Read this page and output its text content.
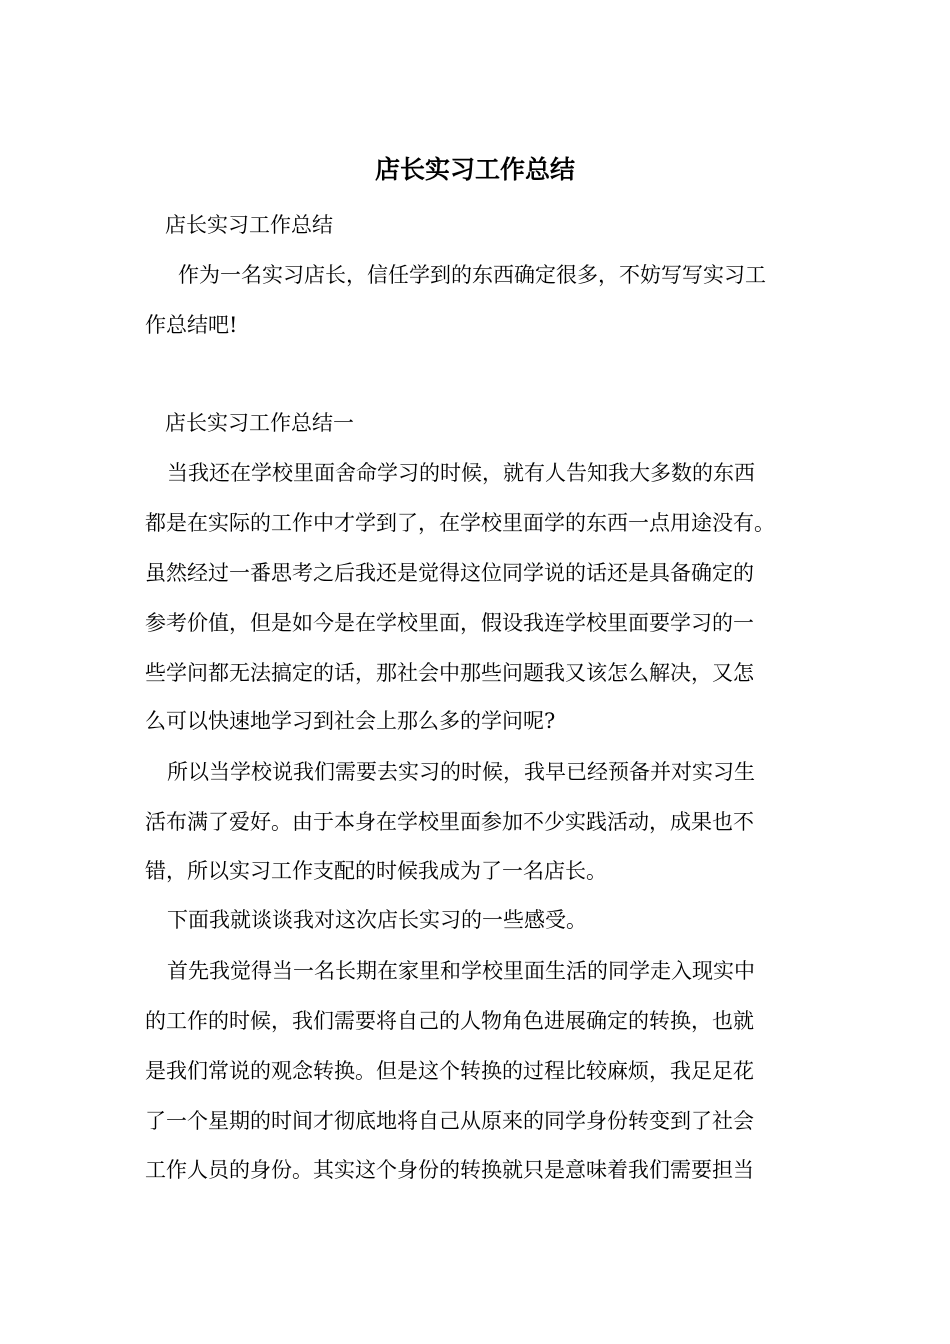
店长实习工作总结

店长实习工作总结

作为一名实习店长，信任学到的东西确定很多，不妨写写实习工

作总结吧!

店长实习工作总结一

当我还在学校里面舍命学习的时候，就有人告知我大多数的东西

都是在实际的工作中才学到了，在学校里面学的东西一点用途没有。

虽然经过一番思考之后我还是觉得这位同学说的话还是具备确定的

参考价值，但是如今是在学校里面，假设我连学校里面要学习的一

些学问都无法搞定的话，那社会中那些问题我又该怎么解决，又怎

么可以快速地学习到社会上那么多的学问呢?

所以当学校说我们需要去实习的时候，我早已经预备并对实习生

活布满了爱好。由于本身在学校里面参加不少实践活动，成果也不

错，所以实习工作支配的时候我成为了一名店长。

下面我就谈谈我对这次店长实习的一些感受。

首先我觉得当一名长期在家里和学校里面生活的同学走入现实中

的工作的时候，我们需要将自己的人物角色进展确定的转换，也就

是我们常说的观念转换。但是这个转换的过程比较麻烦，我足足花

了一个星期的时间才彻底地将自己从原来的同学身份转变到了社会

工作人员的身份。其实这个身份的转换就只是意味着我们需要担当
